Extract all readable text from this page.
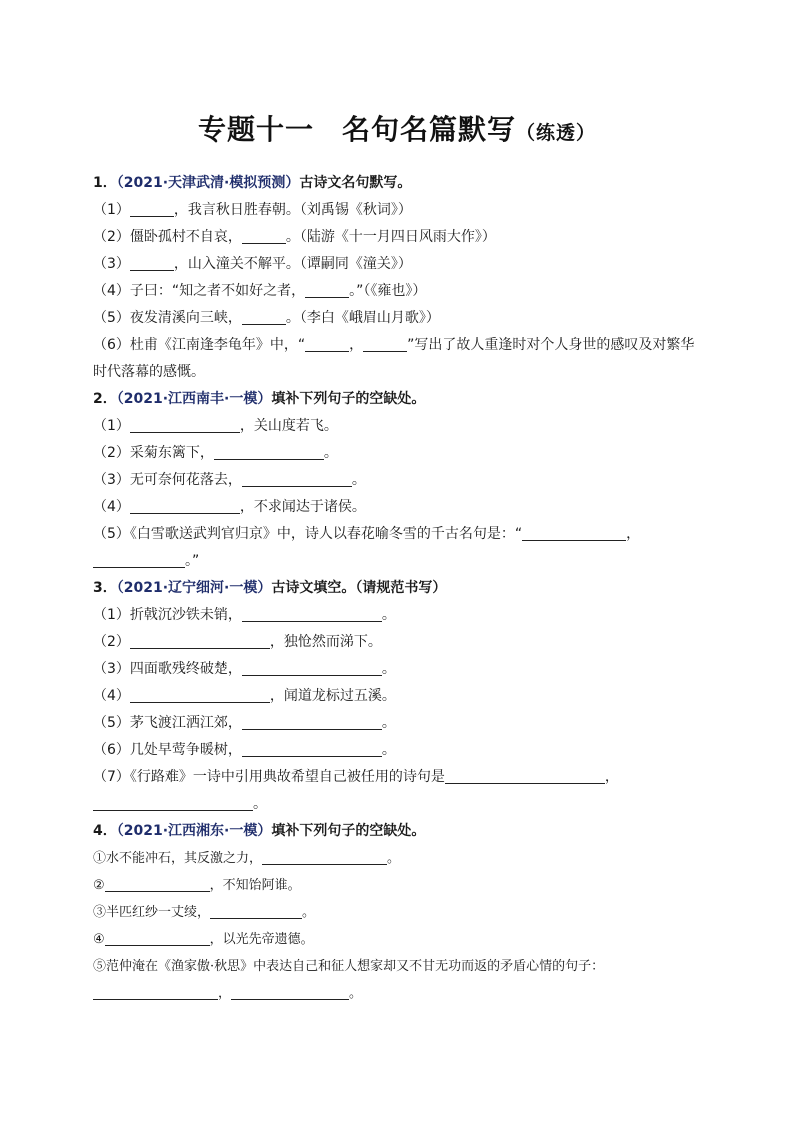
专题十一 名句名篇默写（练透）
1．（2021·天津武清·模拟预测）古诗文名句默写。
（1）	，我言秋日胜春朝。（刘禹锡《秋词》）
（2）僵卧孤村不自哀，	。（陆游《十一月四日风雨大作》）
（3）	，山入潼关不解平。（谭嗣同《潼关》）
（4）子曰：“知之者不如好之者，	。”（《雍也》）
（5）夜发清溪向三峡，	。（李白《峨眉山月歌》）
（6）杜甫《江南逢李龟年》中，“	，	”写出了故人重逢时对个人身世的感叹及对繁华时代落幕的感慨。
2．（2021·江西南丰·一模）填补下列句子的空缺处。
（1）	，关山度若飞。
（2）采菊东篱下，	。
（3）无可奈何花落去，	。
（4）	，不求闻达于诸侯。
（5）《白雪歌送武判官归京》中，诗人以春花喻冬雪的千古名句是：“	，
。”
3．（2021·辽宁细河·一模）古诗文填空。（请规范书写）
（1）折戟沉沙铁未销，	。
（2）	，独怆然而涕下。
（3）四面歌残终破楚，	。
（4）	，闻道龙标过五溪。
（5）茅飞渡江洒江郊，	。
（6）几处早莺争暖树，	。
（7）《行路难》一诗中引用典故希望自己被任用的诗句是	，
。
4．（2021·江西湘东·一模）填补下列句子的空缺处。
①水不能冲石，其反激之力，	。
②	，不知饴阿谁。
③半匹红纱一丈绫，	。
④	，以光先帝遗德。
⑤范仲淹在《渔家傲·秋思》中表达自己和征人想家却又不甘无功而返的矛盾心情的句子：
，	。
